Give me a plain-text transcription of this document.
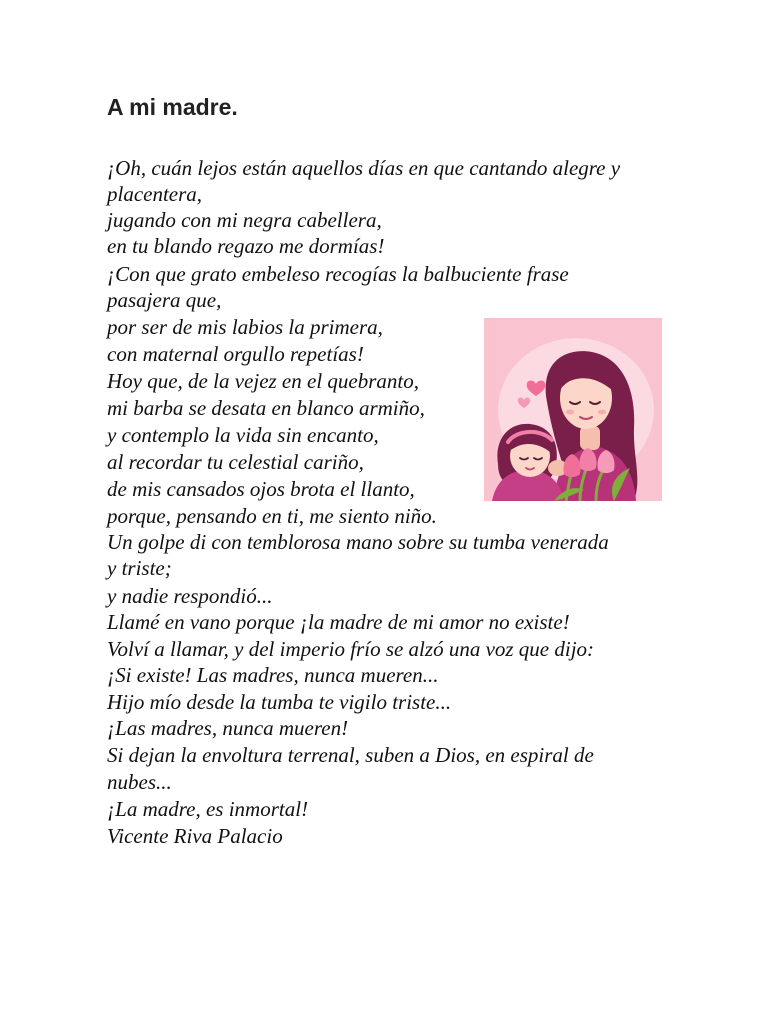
A mi madre.

¡Oh, cuán lejos están aquellos días en que cantando alegre y

placentera,

jugando con mi negra cabellera,

en tu blando regazo me dormías!

¡Con que grato embeleso recogías la balbuciente frase

pasajera que,

por ser de mis labios la primera,

con maternal orgullo repetías!

Hoy que, de la vejez en el quebranto,

mi barba se desata en blanco armiño,

y contemplo la vida sin encanto,

al recordar tu celestial cariño,

de mis cansados ojos brota el llanto,

porque, pensando en ti, me siento niño.

Un golpe di con temblorosa mano sobre su tumba venerada

y triste;

y nadie respondió...

Llamé en vano porque ¡la madre de mi amor no existe!

Volví a llamar, y del imperio frío se alzó una voz que dijo:

¡Si existe! Las madres, nunca mueren...

Hijo mío desde la tumba te vigilo triste...

¡Las madres, nunca mueren!

Si dejan la envoltura terrenal, suben a Dios, en espiral de

nubes...

¡La madre, es inmortal!

Vicente Riva Palacio
